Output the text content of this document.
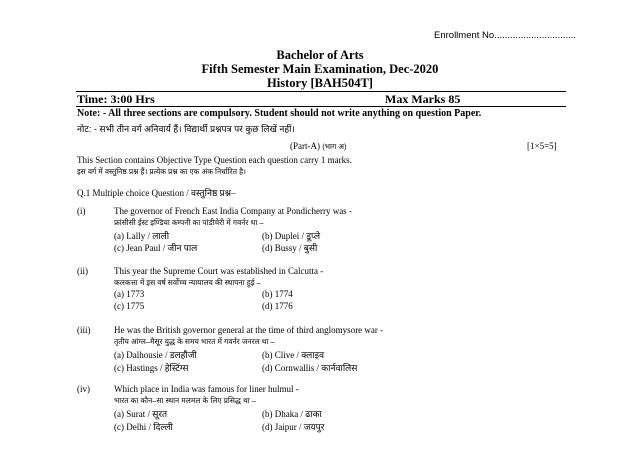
Enrollment No...............................
Bachelor of Arts
Fifth Semester Main Examination, Dec-2020
History [BAH504T]
Time: 3:00 Hrs	Max Marks 85
Note: - All three sections are compulsory. Student should not write anything on question Paper.
नोट: - सभी तीन वर्ग अनिवार्य हैं। विद्यार्थी प्रश्नपत्र पर कुछ लिखें नहीं।
(Part-A) (भाग अ)	[1×5=5]
This Section contains Objective Type Question each question carry 1 marks.
इस वर्ग में वस्तुनिष्ठ प्रश्न हैं। प्रत्येक प्रश्न का एक अंक निर्धारित है।
Q.1 Multiple choice Question / वस्तुनिष्ठ प्रश्न–
(i)	The governor of French East India Company at Pondicherry was -
फ्रांसीसी ईस्ट इण्डिया कम्पनी का पांडीचेरी में गवर्नर था –
(a) Lally / लाली	(b) Duplei / डूप्ले
(c) Jean Paul / जीन पाल	(d) Bussy / बुसी
(ii)	This year the Supreme Court was established in Calcutta -
कलकत्ता में इस वर्ष सर्वोच्च न्यायालय की स्थापना हुई –
(a) 1773	(b) 1774
(c) 1775	(d) 1776
(iii)	He was the British governor general at the time of third anglomysore war -
तृतीय आंग्ल–मैसूर युद्ध के समय भारत में गवर्नर जनरल था –
(a) Dalhousie / डलहौजी	(b) Clive / क्लाइव
(c) Hastings / हेस्टिंग्स	(d) Cornwallis / कार्नवालिस
(iv)	Which place in India was famous for liner hulmul -
भारत का कौन–सा स्थान मलमल के लिए प्रसिद्ध था –
(a) Surat / सूरत	(b) Dhaka / ढाका
(c) Delhi / दिल्ली	(d) Jaipur / जयपुर
